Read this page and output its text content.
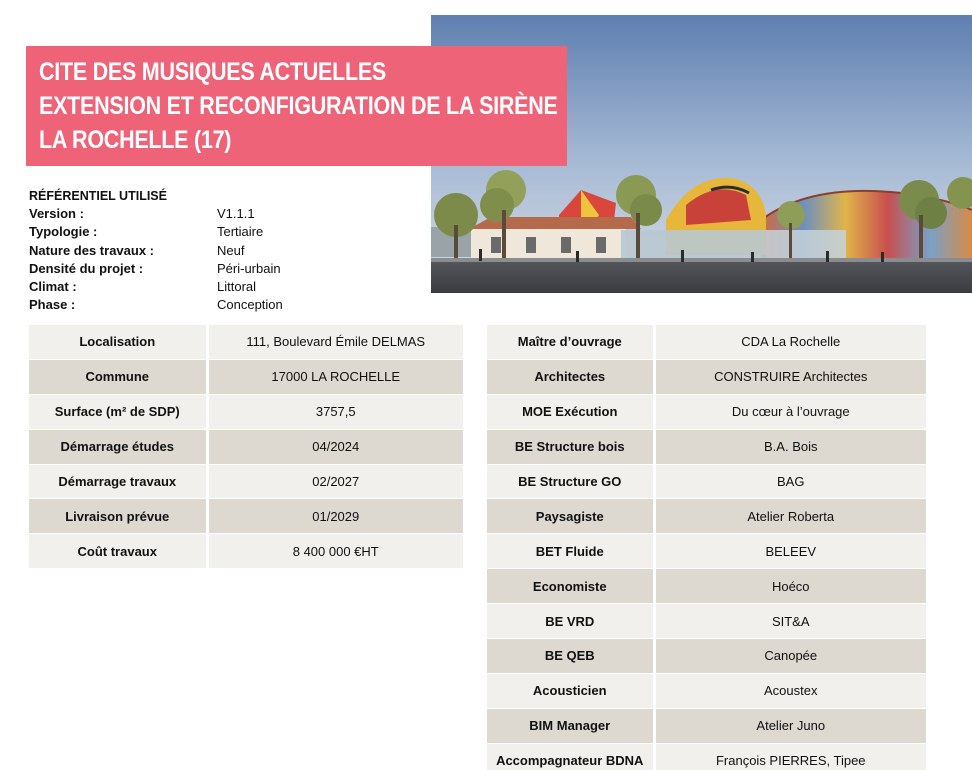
CITE DES MUSIQUES ACTUELLES
EXTENSION ET RECONFIGURATION DE LA SIRÈNE
LA ROCHELLE (17)
RÉFÉRENTIEL UTILISÉ
Version :	V1.1.1
Typologie :	Tertiaire
Nature des travaux :	Neuf
Densité du projet :	Péri-urbain
Climat :	Littoral
Phase :	Conception
Localisation	111, Boulevard Émile DELMAS
Commune	17000 LA ROCHELLE
Surface (m² de SDP)	3757,5
Démarrage études	04/2024
Démarrage travaux	02/2027
Livraison prévue	01/2029
Coût travaux	8 400 000 €HT
Maître d’ouvrage	CDA La Rochelle
Architectes	CONSTRUIRE Architectes
MOE Exécution	Du cœur à l’ouvrage
BE Structure bois	B.A. Bois
BE Structure GO	BAG
Paysagiste	Atelier Roberta
BET Fluide	BELEEV
Economiste	Hoéco
BE VRD	SIT&A
BE QEB	Canopée
Acousticien	Acoustex
BIM Manager	Atelier Juno
Accompagnateur BDNA	François PIERRES, Tipee
